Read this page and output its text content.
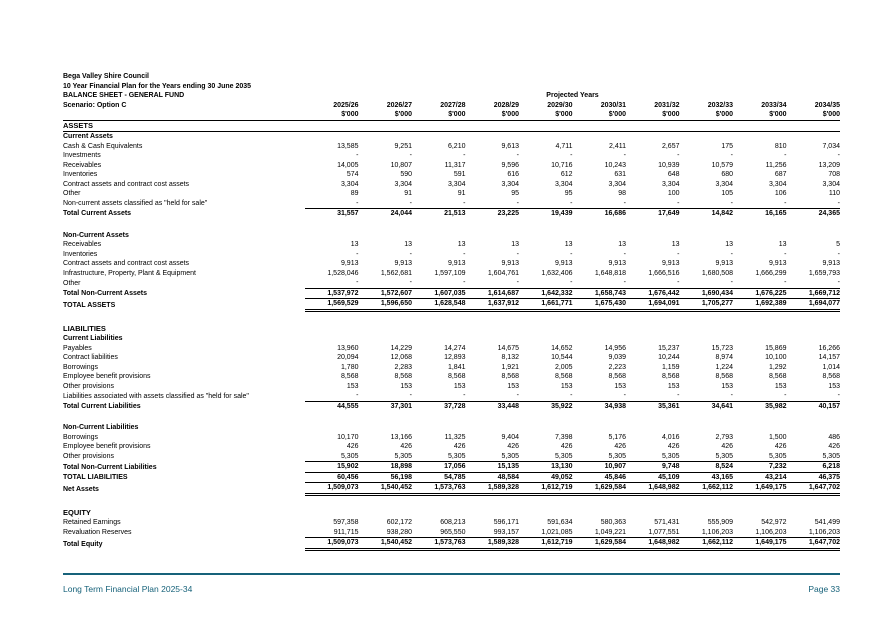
Bega Valley Shire Council										
10 Year Financial Plan for the Years ending 30 June 2035										
BALANCE SHEET - GENERAL FUND	Projected Years									
Scenario: Option C	2025/26	2026/27	2027/28	2028/29	2029/30	2030/31	2031/32	2032/33	2033/34	2034/35
	$'000	$'000	$'000	$'000	$'000	$'000	$'000	$'000	$'000	$'000
ASSETS										
Current Assets										
Cash & Cash Equivalents	13,585	9,251	6,210	9,613	4,711	2,411	2,657	175	810	7,034
Investments	-	-	-	-	-	-	-	-	-	-
Receivables	14,005	10,807	11,317	9,596	10,716	10,243	10,939	10,579	11,256	13,209
Inventories	574	590	591	616	612	631	648	680	687	708
Contract assets and contract cost assets	3,304	3,304	3,304	3,304	3,304	3,304	3,304	3,304	3,304	3,304
Other	89	91	91	95	95	98	100	105	106	110
Non-current assets classified as "held for sale"	-	-	-	-	-	-	-	-	-	-
Total Current Assets	31,557	24,044	21,513	23,225	19,439	16,686	17,649	14,842	16,165	24,365

Non-Current Assets										
Receivables	13	13	13	13	13	13	13	13	13	5
Inventories	-	-	-	-	-	-	-	-	-	-
Contract assets and contract cost assets	9,913	9,913	9,913	9,913	9,913	9,913	9,913	9,913	9,913	9,913
Infrastructure, Property, Plant & Equipment	1,528,046	1,562,681	1,597,109	1,604,761	1,632,406	1,648,818	1,666,516	1,680,508	1,666,299	1,659,793
Other	-	-	-	-	-	-	-	-	-	-
Total Non-Current Assets	1,537,972	1,572,607	1,607,035	1,614,687	1,642,332	1,658,743	1,676,442	1,690,434	1,676,225	1,669,712
TOTAL ASSETS	1,569,529	1,596,650	1,628,548	1,637,912	1,661,771	1,675,430	1,694,091	1,705,277	1,692,389	1,694,077

LIABILITIES										
Current Liabilities										
Payables	13,960	14,229	14,274	14,675	14,652	14,956	15,237	15,723	15,869	16,266
Contract liabilities	20,094	12,068	12,893	8,132	10,544	9,039	10,244	8,974	10,100	14,157
Borrowings	1,780	2,283	1,841	1,921	2,005	2,223	1,159	1,224	1,292	1,014
Employee benefit provisions	8,568	8,568	8,568	8,568	8,568	8,568	8,568	8,568	8,568	8,568
Other provisions	153	153	153	153	153	153	153	153	153	153
Liabilities associated with assets classified as "held for sale"	-	-	-	-	-	-	-	-	-	-
Total Current Liabilities	44,555	37,301	37,728	33,448	35,922	34,938	35,361	34,641	35,982	40,157

Non-Current Liabilities										
Borrowings	10,170	13,166	11,325	9,404	7,398	5,176	4,016	2,793	1,500	486
Employee benefit provisions	426	426	426	426	426	426	426	426	426	426
Other provisions	5,305	5,305	5,305	5,305	5,305	5,305	5,305	5,305	5,305	5,305
Total Non-Current Liabilities	15,902	18,898	17,056	15,135	13,130	10,907	9,748	8,524	7,232	6,218
TOTAL LIABILITIES	60,456	56,198	54,785	48,584	49,052	45,846	45,109	43,165	43,214	46,375
Net Assets	1,509,073	1,540,452	1,573,763	1,589,328	1,612,719	1,629,584	1,648,982	1,662,112	1,649,175	1,647,702

EQUITY										
Retained Earnings	597,358	602,172	608,213	596,171	591,634	580,363	571,431	555,909	542,972	541,499
Revaluation Reserves	911,715	938,280	965,550	993,157	1,021,085	1,049,221	1,077,551	1,106,203	1,106,203	1,106,203
Total Equity	1,509,073	1,540,452	1,573,763	1,589,328	1,612,719	1,629,584	1,648,982	1,662,112	1,649,175	1,647,702
Long Term Financial Plan 2025-34	Page 33
